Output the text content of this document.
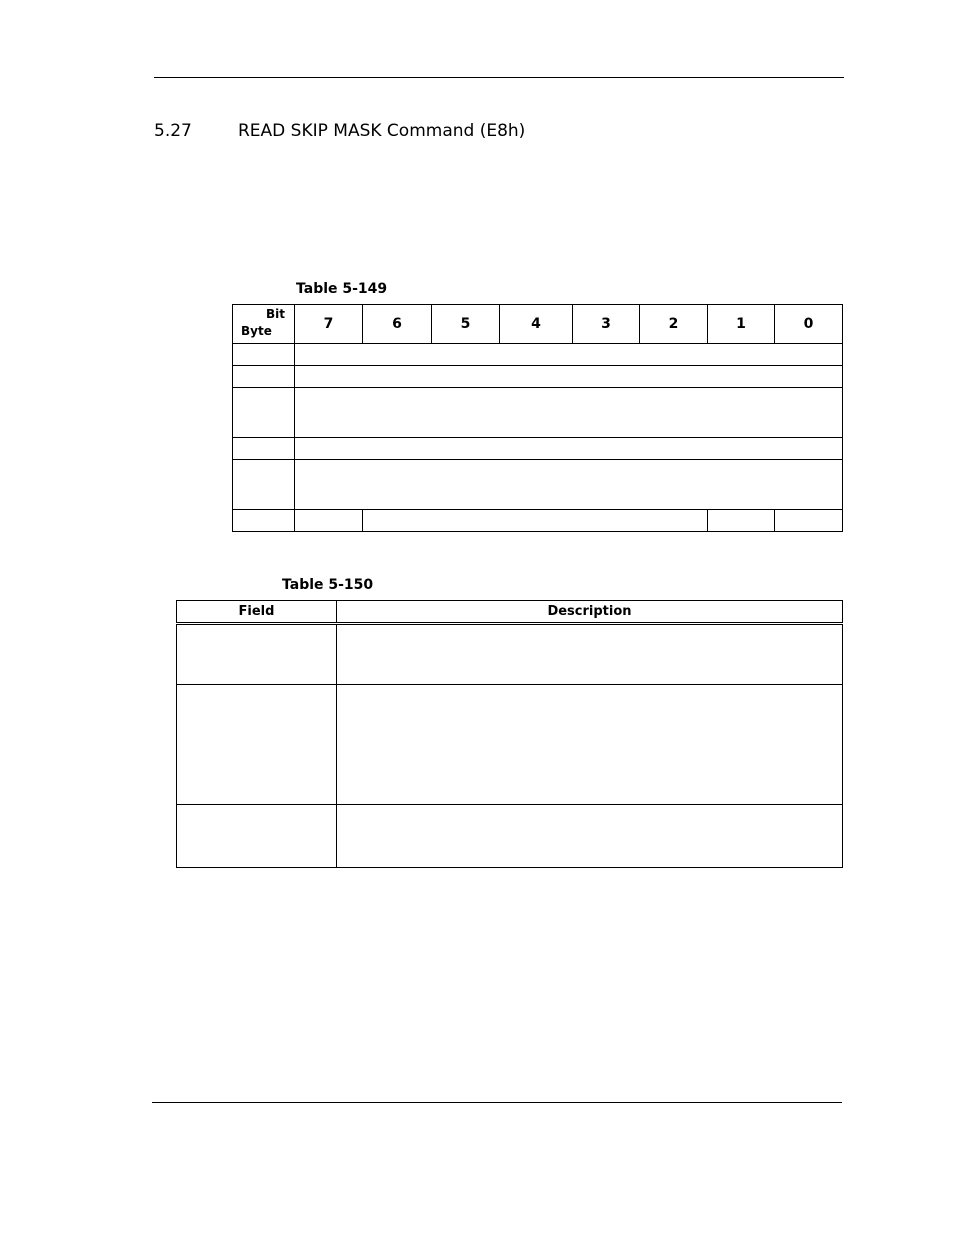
5.27	READ SKIP MASK Command (E8h)
Table 5-149
Bit
Byte	7	6	5	4	3	2	1	0

Table 5-150
Field	Description
